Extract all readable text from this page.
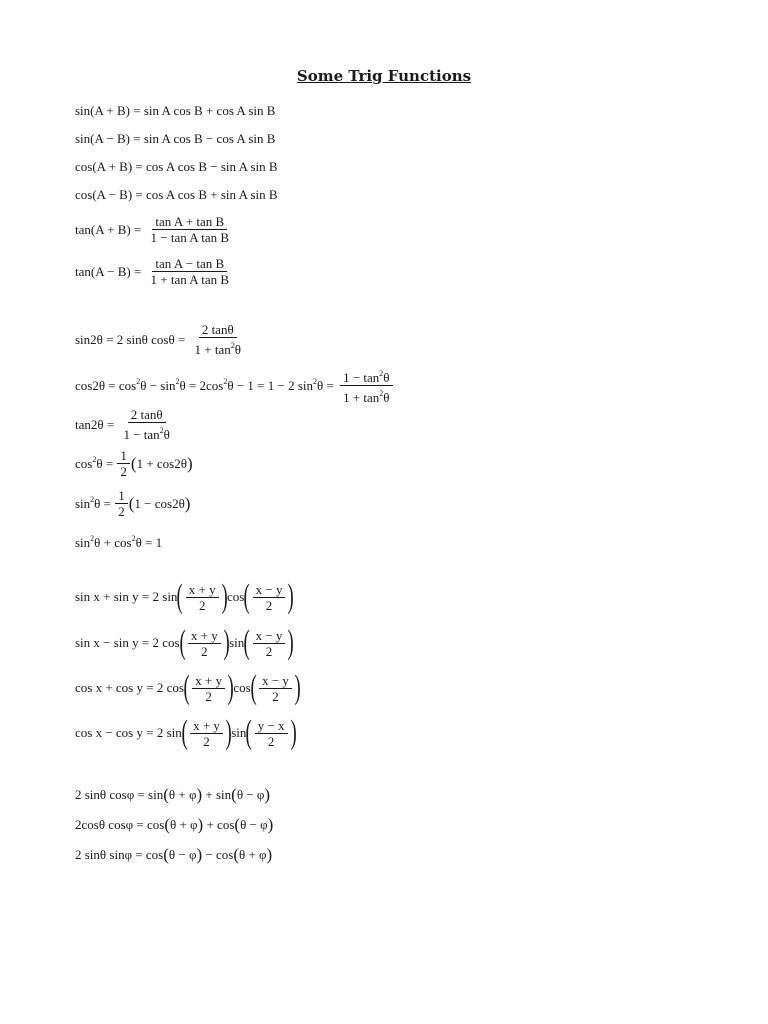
Some Trig Functions
sin(A + B) = sin A cos B + cos A sin B
sin(A − B) = sin A cos B − cos A sin B
cos(A + B) = cos A cos B − sin A sin B
cos(A − B) = cos A cos B + sin A sin B
$\tan(A + B) = \frac{\text{tan A + tan B}}{\text{1 − tan A tan B}}$
$\tan(A - B) = \frac{\text{tan A − tan B}}{\text{1 + tan A tan B}}$
sin2θ = 2 sinθ $\cos\theta = \frac{2 \tan\theta}{1 + \tan^2\theta}$
$\cos 2\theta = \cos^2\theta - \sin^2\theta = 2\cos^2\theta - 1 = 1 - 2$ $\sin^2\theta = \frac{1 - \tan^2\theta}{1 + \tan^2\theta}$
$\tan 2\theta = \frac{2 \tan\theta}{1 - \tan^2\theta}$
$\cos^2\theta = \frac{1}{2}$ ( 1 + cos2θ )
$\sin^2\theta = \frac{1}{2}$ ( 1 − cos2θ )
$\sin^2\theta + \cos^2\theta = 1$
sin x + sin y = 2 sin ( $\frac{x + y}{2}$ ) cos ( $\frac{x - y}{2}$ )
sin x − sin y = 2 cos ( $\frac{x + y}{2}$ ) sin ( $\frac{x - y}{2}$ )
cos x + cos y = 2 cos ( $\frac{x + y}{2}$ ) cos ( $\frac{x - y}{2}$ )
cos x − cos y = 2 sin ( $\frac{x + y}{2}$ ) sin ( $\frac{y - x}{2}$ )
2 sinθ cosφ = sin ( θ + φ ) + sin ( θ − φ )
2cosθ cosφ = cos ( θ + φ ) + cos ( θ − φ )
2 sinθ sinφ = cos ( θ − φ ) − cos ( θ + φ )
